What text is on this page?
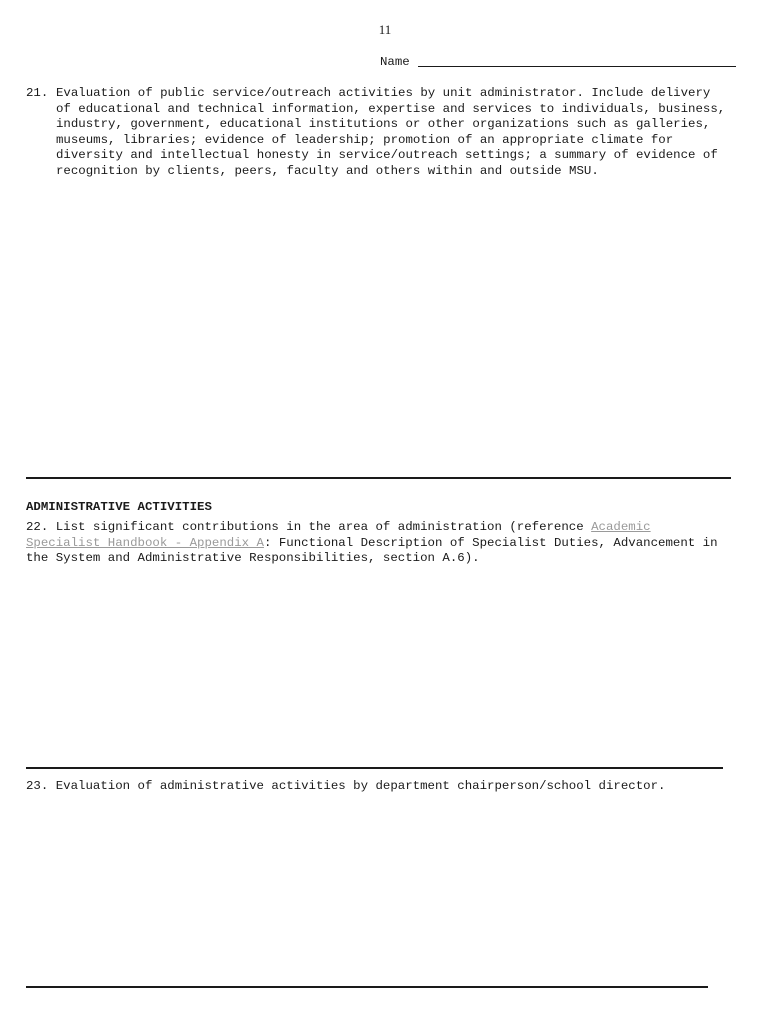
11
Name
21. Evaluation of public service/outreach activities by unit administrator. Include delivery of educational and technical information, expertise and services to individuals, business, industry, government, educational institutions or other organizations such as galleries, museums, libraries; evidence of leadership; promotion of an appropriate climate for diversity and intellectual honesty in service/outreach settings; a summary of evidence of recognition by clients, peers, faculty and others within and outside MSU.
ADMINISTRATIVE ACTIVITIES
22. List significant contributions in the area of administration (reference Academic Specialist Handbook - Appendix A: Functional Description of Specialist Duties, Advancement in the System and Administrative Responsibilities, section A.6).
23. Evaluation of administrative activities by department chairperson/school director.
